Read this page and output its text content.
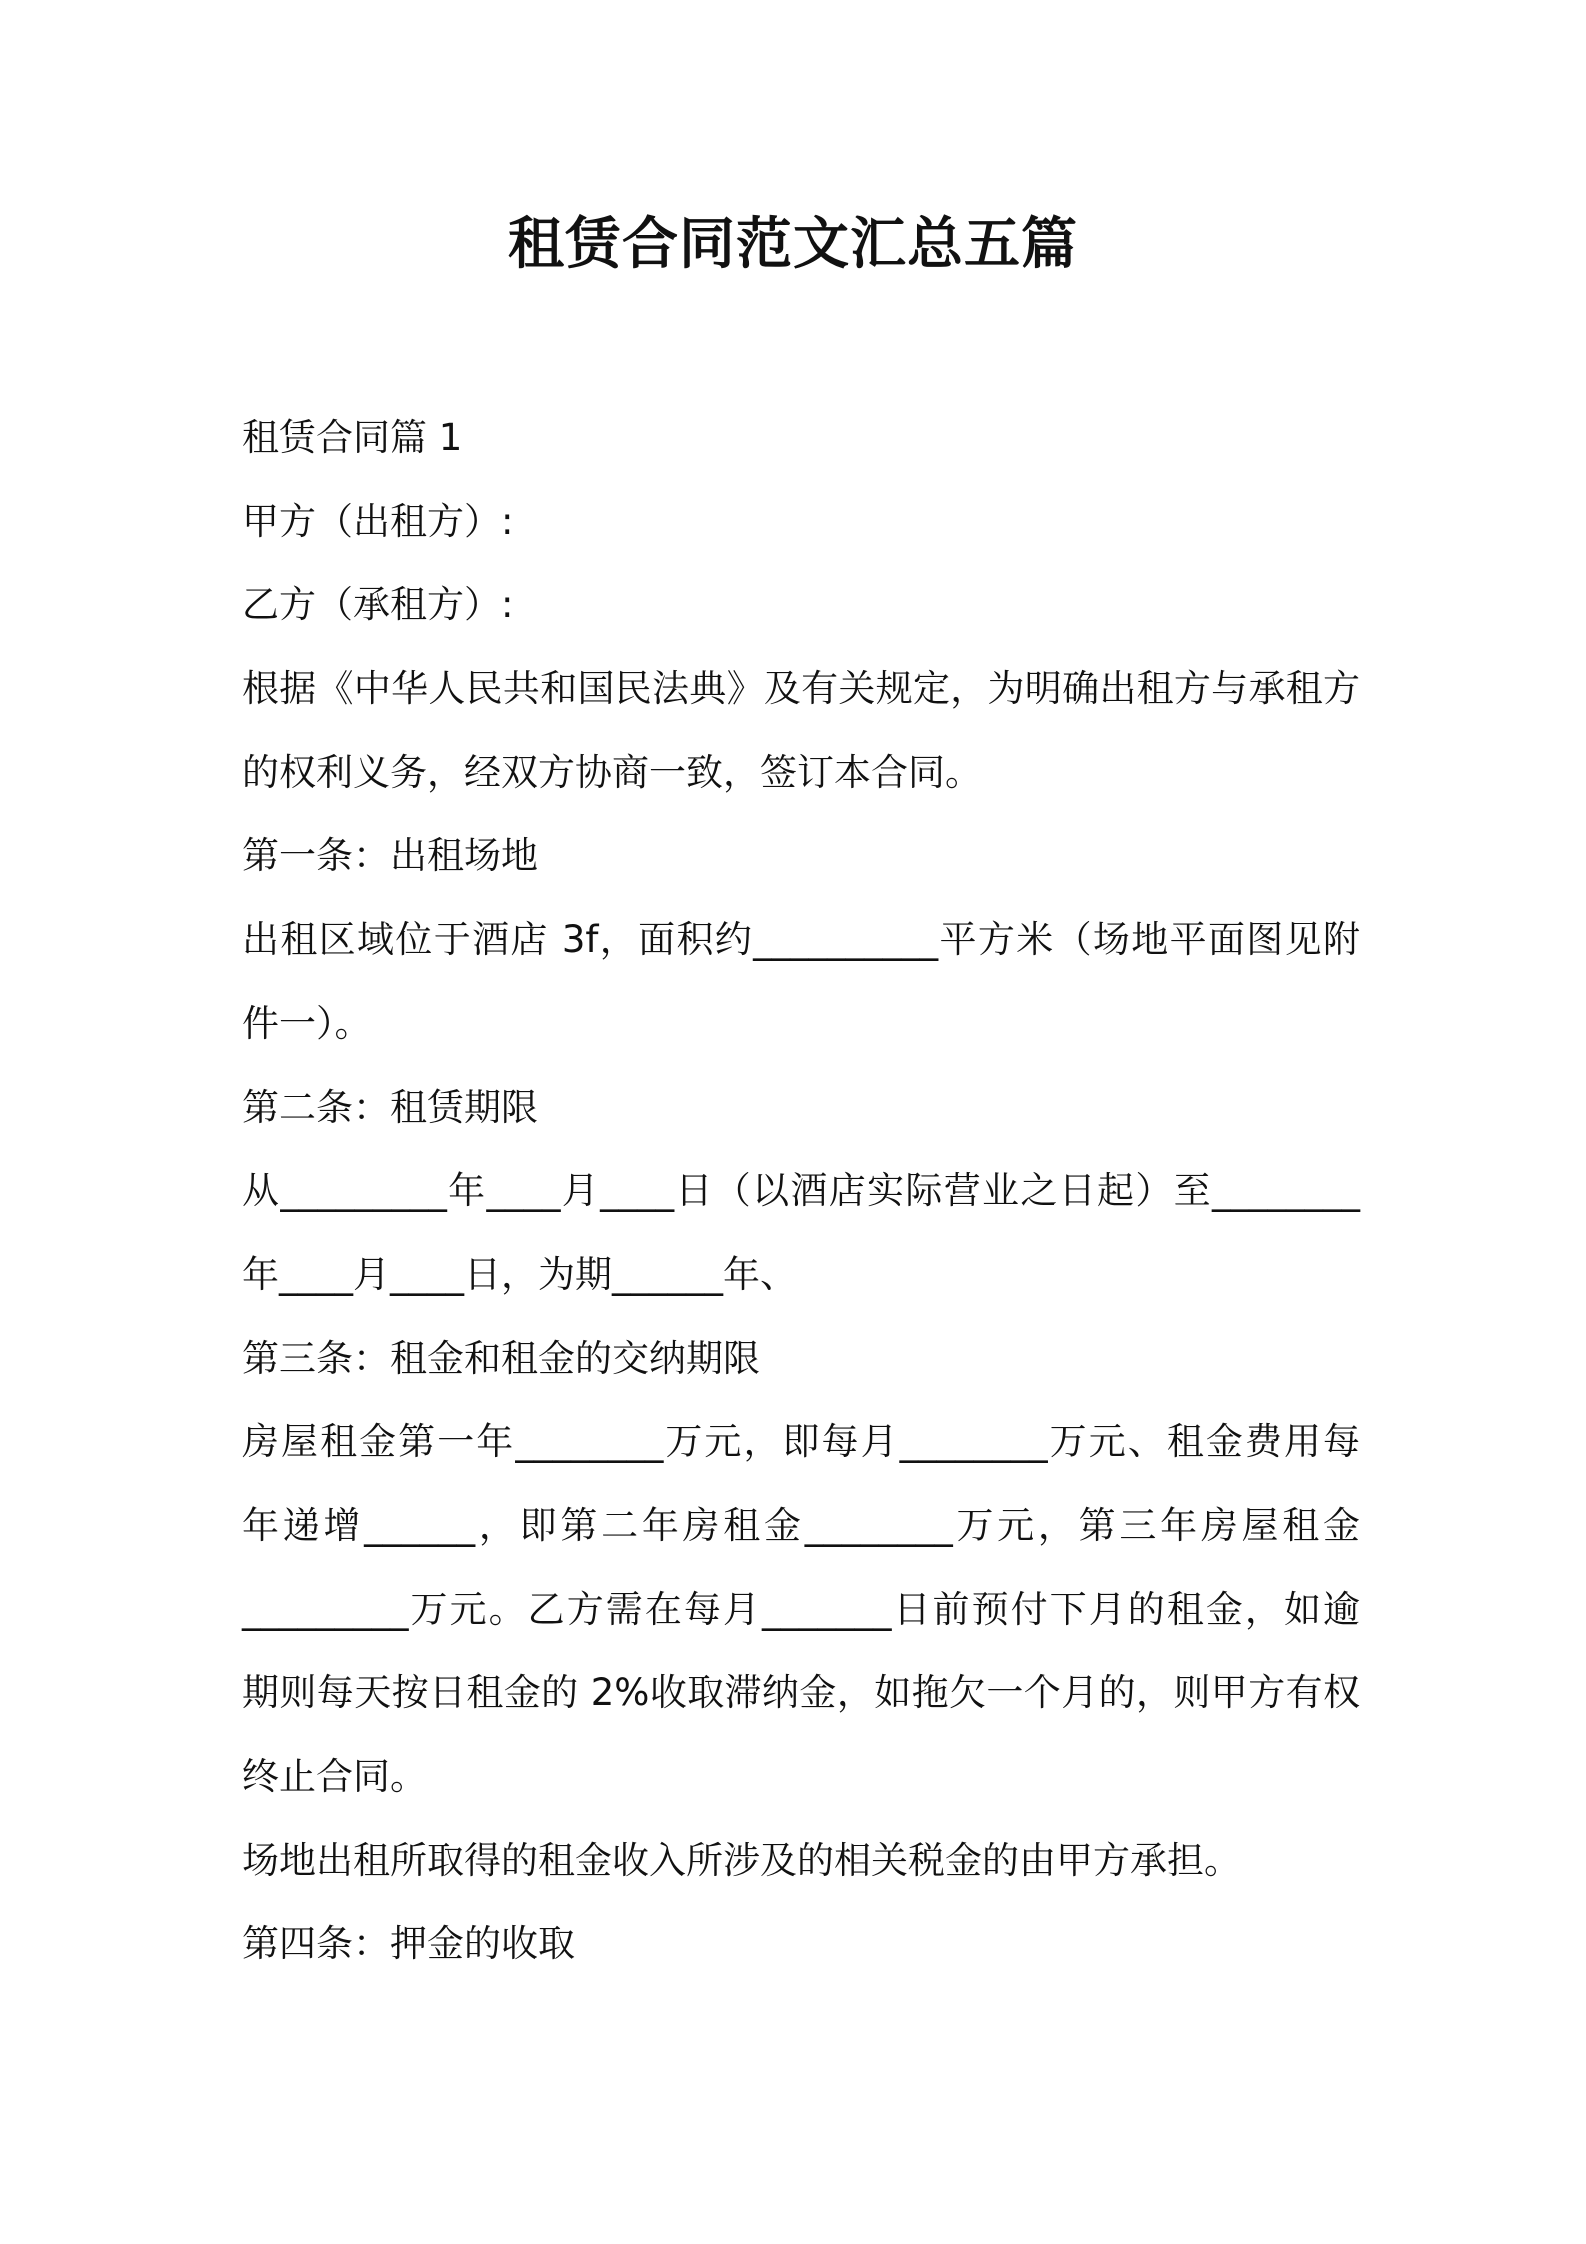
租赁合同范文汇总五篇
租赁合同篇 1
甲方（出租方）:
乙方（承租方）:
根据《中华人民共和国民法典》及有关规定，为明确出租方与承租方
的权利义务，经双方协商一致，签订本合同。
第一条：出租场地
出租区域位于酒店 3f，面积约__________平方米（场地平面图见附
件一）。
第二条：租赁期限
从_________年____月____日（以酒店实际营业之日起）至________
年____月____日，为期______年、
第三条：租金和租金的交纳期限
房屋租金第一年________万元，即每月________万元、租金费用每
年递增______，即第二年房租金________万元，第三年房屋租金
_________万元。乙方需在每月_______日前预付下月的租金，如逾
期则每天按日租金的 2%收取滞纳金，如拖欠一个月的，则甲方有权
终止合同。
场地出租所取得的租金收入所涉及的相关税金的由甲方承担。
第四条：押金的收取
